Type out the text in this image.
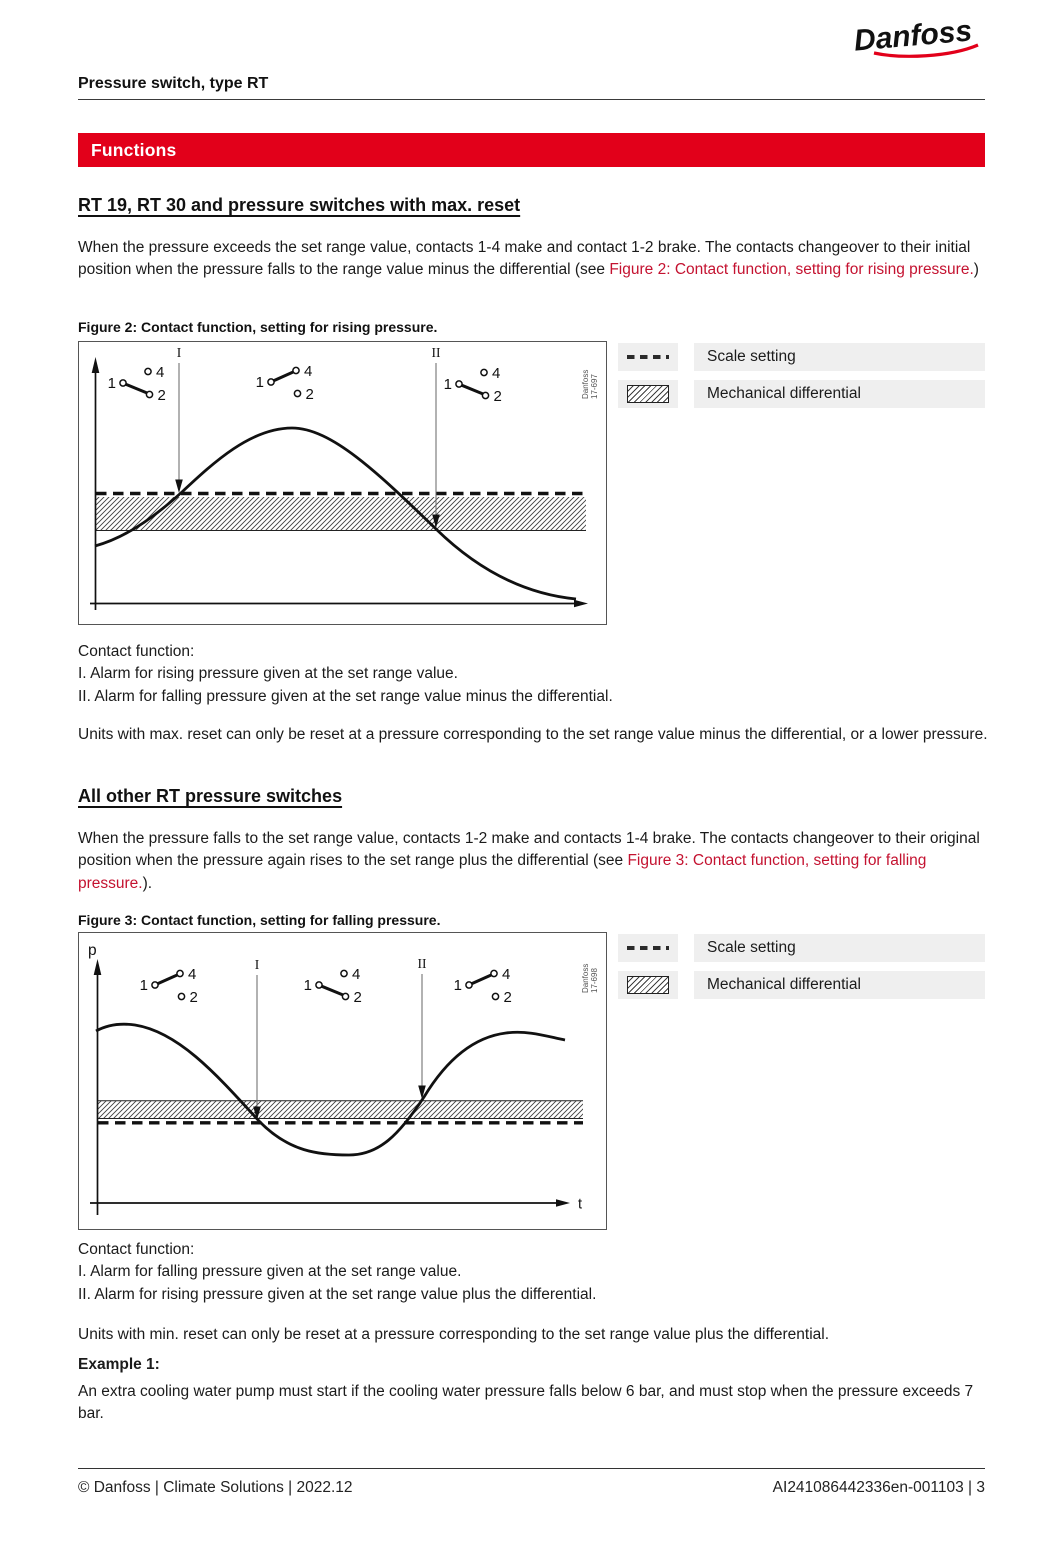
Danfoss
Pressure switch, type RT
Functions
RT 19, RT 30 and pressure switches with max. reset
When the pressure exceeds the set range value, contacts 1-4 make and contact 1-2 brake. The contacts changeover to their initial position when the pressure falls to the range value minus the differential (see Figure 2: Contact function, setting for rising pressure.)
Figure 2: Contact function, setting for rising pressure.
I	II
1
4
2
1
4
2
1
4
2	Danfoss 17-697
Scale setting
Mechanical differential
Contact function:
I. Alarm for rising pressure given at the set range value.
II. Alarm for falling pressure given at the set range value minus the differential.
Units with max. reset can only be reset at a pressure corresponding to the set range value minus the differential, or a lower pressure.
All other RT pressure switches
When the pressure falls to the set range value, contacts 1-2 make and contacts 1-4 brake. The contacts changeover to their original position when the pressure again rises to the set range plus the differential (see Figure 3: Contact function, setting for falling pressure.).
Figure 3: Contact function, setting for falling pressure.
p
t
I	II
1
4
2
1
4
2
1
4
2
Danfoss 17-698
Scale setting
Mechanical differential
Contact function:
I. Alarm for falling pressure given at the set range value.
II. Alarm for rising pressure given at the set range value plus the differential.
Units with min. reset can only be reset at a pressure corresponding to the set range value plus the differential.
Example 1:
An extra cooling water pump must start if the cooling water pressure falls below 6 bar, and must stop when the pressure exceeds 7 bar.
© Danfoss | Climate Solutions | 2022.12	AI241086442336en-001103 | 3
